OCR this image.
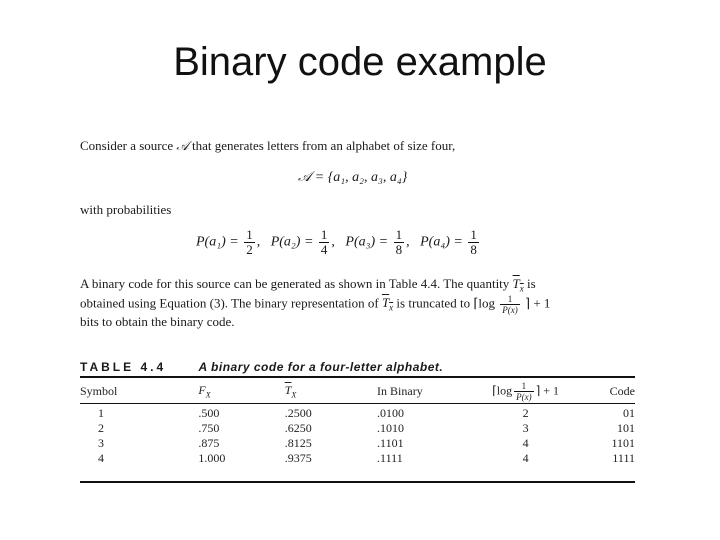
Binary code example
Consider a source 𝒜 that generates letters from an alphabet of size four,
𝒜 = {a₁, a₂, a₃, a₄}
with probabilities
$P(a_1) = \frac{1}{2}$ ,   $P(a_2) = \frac{1}{4}$ ,   $P(a_3) = \frac{1}{8}$ ,   $P(a_4) = \frac{1}{8}$
A binary code for this source can be generated as shown in Table 4.4. The quantity $T_x$ is
obtained using Equation (3). The binary representation of $T_x$ is truncated to ⌈log $\frac{1}{P(x)}$ ⌉ + 1
bits to obtain the binary code.
TABLE 4.4	A binary code for a four-letter alphabet.
Symbol	$F_X$	$\overline{T}_X$	In Binary	⌈log $\frac{1}{P(x)}$ ⌉ + 1	Code
1	.500	.2500	.0100	2	01
2	.750	.6250	.1010	3	101
3	.875	.8125	.1101	4	1101
4	1.000	.9375	.1111	4	1111
